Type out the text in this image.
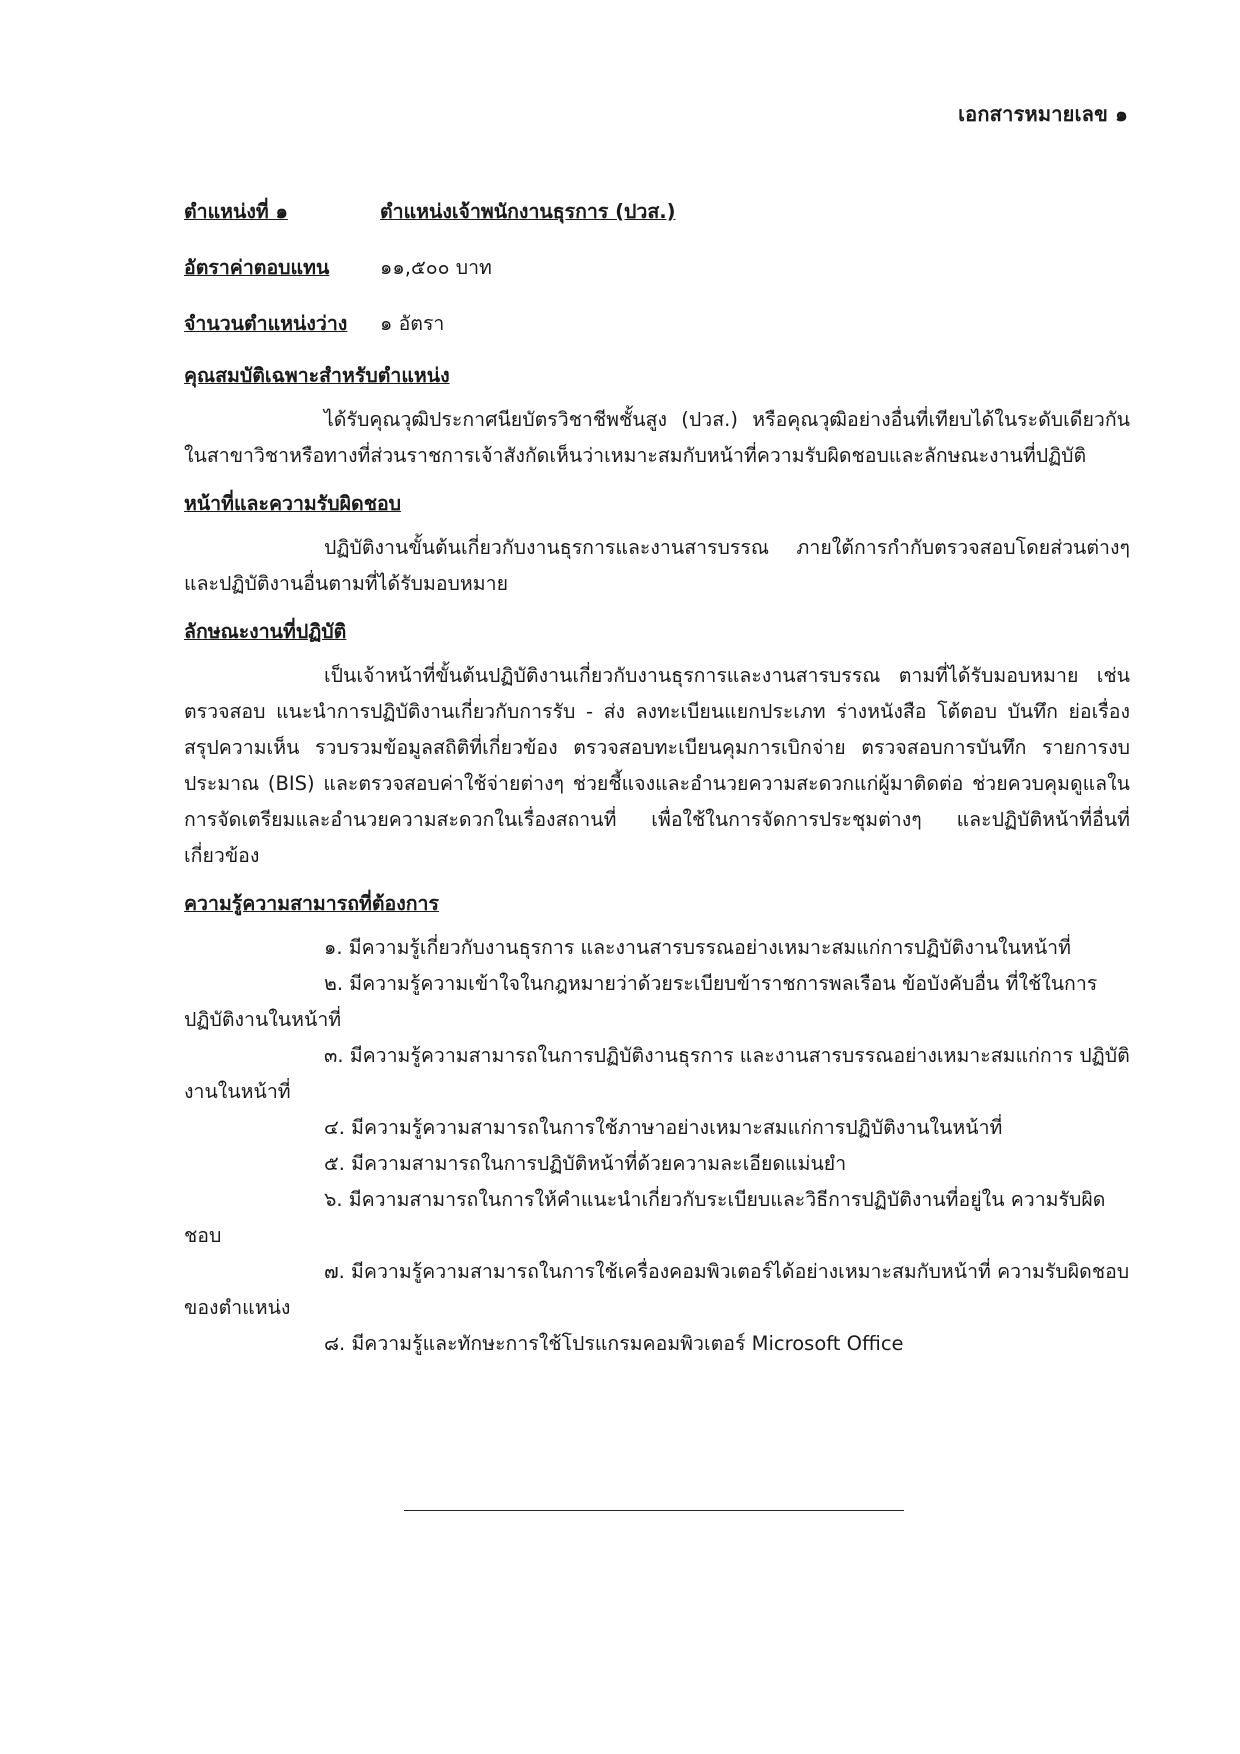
เอกสารหมายเลข ๑
ตำแหน่งที่ ๑	ตำแหน่งเจ้าพนักงานธุรการ (ปวส.)
อัตราค่าตอบแทน	๑๑,๕๐๐ บาท
จำนวนตำแหน่งว่าง	๑ อัตรา
คุณสมบัติเฉพาะสำหรับตำแหน่ง

ได้รับคุณวุฒิประกาศนียบัตรวิชาชีพชั้นสูง (ปวส.) หรือคุณวุฒิอย่างอื่นที่เทียบได้ในระดับเดียวกัน ในสาขาวิชาหรือทางที่ส่วนราชการเจ้าสังกัดเห็นว่าเหมาะสมกับหน้าที่ความรับผิดชอบและลักษณะงานที่ปฏิบัติ

หน้าที่และความรับผิดชอบ

ปฏิบัติงานขั้นต้นเกี่ยวกับงานธุรการและงานสารบรรณ ภายใต้การกำกับตรวจสอบโดยส่วนต่างๆ และปฏิบัติงานอื่นตามที่ได้รับมอบหมาย

ลักษณะงานที่ปฏิบัติ

เป็นเจ้าหน้าที่ขั้นต้นปฏิบัติงานเกี่ยวกับงานธุรการและงานสารบรรณ ตามที่ได้รับมอบหมาย เช่น ตรวจสอบ แนะนำการปฏิบัติงานเกี่ยวกับการรับ - ส่ง ลงทะเบียนแยกประเภท ร่างหนังสือ โต้ตอบ บันทึก ย่อเรื่อง สรุปความเห็น รวบรวมข้อมูลสถิติที่เกี่ยวข้อง ตรวจสอบทะเบียนคุมการเบิกจ่าย ตรวจสอบการบันทึก รายการงบประมาณ (BIS) และตรวจสอบค่าใช้จ่ายต่างๆ ช่วยชี้แจงและอำนวยความสะดวกแก่ผู้มาติดต่อ ช่วยควบคุมดูแลในการจัดเตรียมและอำนวยความสะดวกในเรื่องสถานที่ เพื่อใช้ในการจัดการประชุมต่างๆ และปฏิบัติหน้าที่อื่นที่เกี่ยวข้อง

ความรู้ความสามารถที่ต้องการ

๑. มีความรู้เกี่ยวกับงานธุรการ และงานสารบรรณอย่างเหมาะสมแก่การปฏิบัติงานในหน้าที่

๒. มีความรู้ความเข้าใจในกฎหมายว่าด้วยระเบียบข้าราชการพลเรือน ข้อบังคับอื่น ที่ใช้ในการปฏิบัติงานในหน้าที่

๓. มีความรู้ความสามารถในการปฏิบัติงานธุรการ และงานสารบรรณอย่างเหมาะสมแก่การ ปฏิบัติงานในหน้าที่

๔. มีความรู้ความสามารถในการใช้ภาษาอย่างเหมาะสมแก่การปฏิบัติงานในหน้าที่

๕. มีความสามารถในการปฏิบัติหน้าที่ด้วยความละเอียดแม่นยำ

๖. มีความสามารถในการให้คำแนะนำเกี่ยวกับระเบียบและวิธีการปฏิบัติงานที่อยู่ใน ความรับผิดชอบ

๗. มีความรู้ความสามารถในการใช้เครื่องคอมพิวเตอร์ได้อย่างเหมาะสมกับหน้าที่ ความรับผิดชอบของตำแหน่ง

๘. มีความรู้และทักษะการใช้โปรแกรมคอมพิวเตอร์ Microsoft Office
